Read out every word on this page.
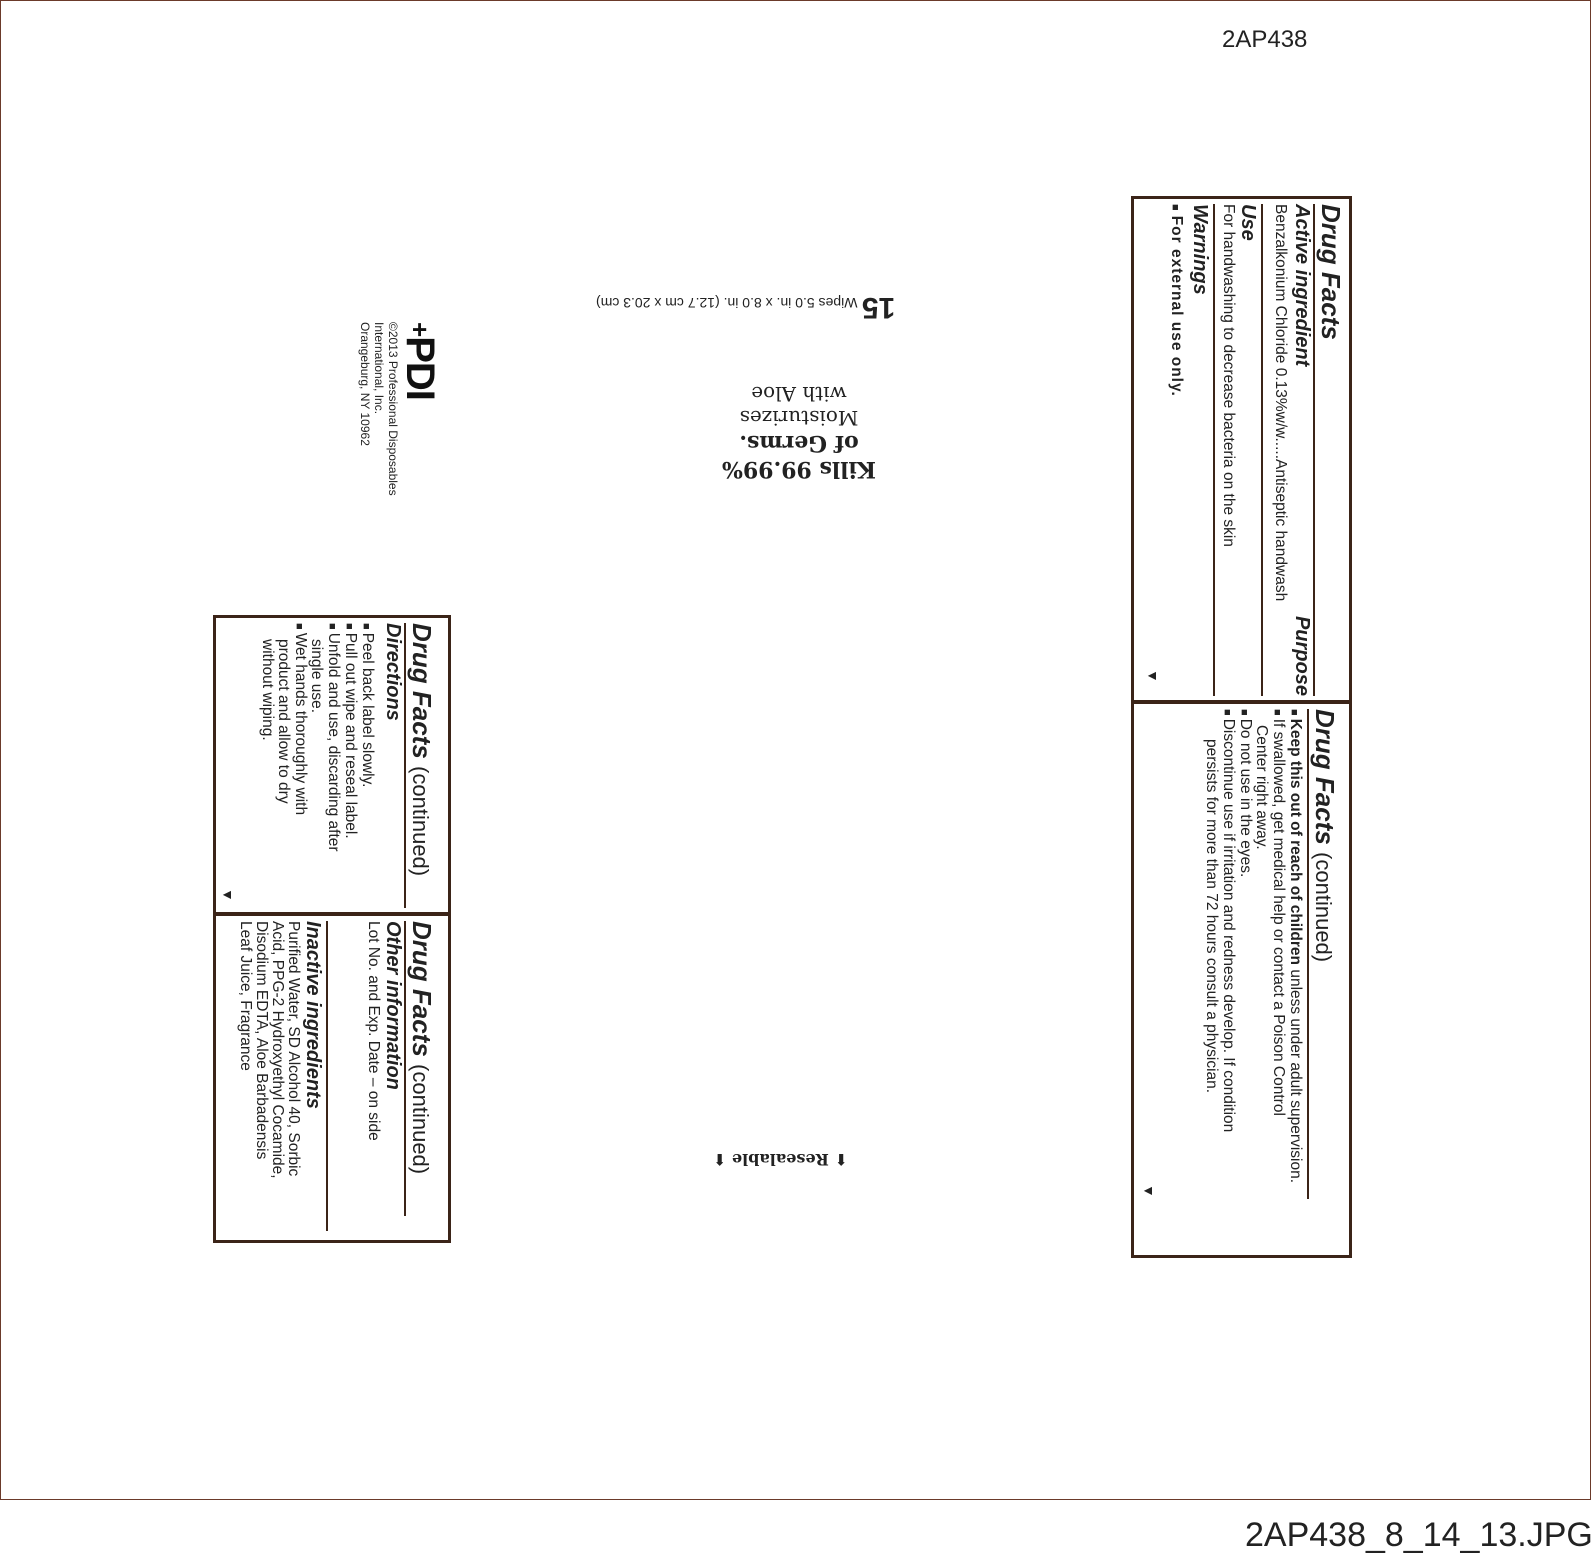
2AP438
Drug Facts
Active ingredient
Purpose
Benzalkonium Chloride 0.13%w/w.....Antiseptic handwash
Use
For handwashing to decrease bacteria on the skin
Warnings
■ For external use only.
▼
Drug Facts (continued)
■ Keep this out of reach of children unless under adult supervision.
■ If swallowed, get medical help or contact a Poison Control
Center right away.
■ Do not use in the eyes.
■ Discontinue use if irritation and redness develop. If condition
persists for more than 72 hours consult a physician.
▼
Drug Facts (continued)
Directions
■ Peel back label slowly.
■ Pull out wipe and reseal label.
■ Unfold and use, discarding after
single use.
■ Wet hands thoroughly with
product and allow to dry
without wiping.
▼
Drug Facts (continued)
Other information
Lot No. and Exp. Date – on side
Inactive ingredients
Purified Water, SD Alcohol 40, Sorbic
Acid, PPG-2 Hydroxyethyl Cocamide,
Disodium EDTA, Aloe Barbadensis
Leaf Juice, Fragrance
15 Wipes 5.0 in. x 8.0 in. (12.7 cm x 20.3 cm)
Kills 99.99%
of Germs.
Moisturizes
with Aloe
⬆ Resealable ⬆
+PDI
©2013 Professional Disposables
International, Inc.
Orangeburg, NY 10962
2AP438_8_14_13.JPG
